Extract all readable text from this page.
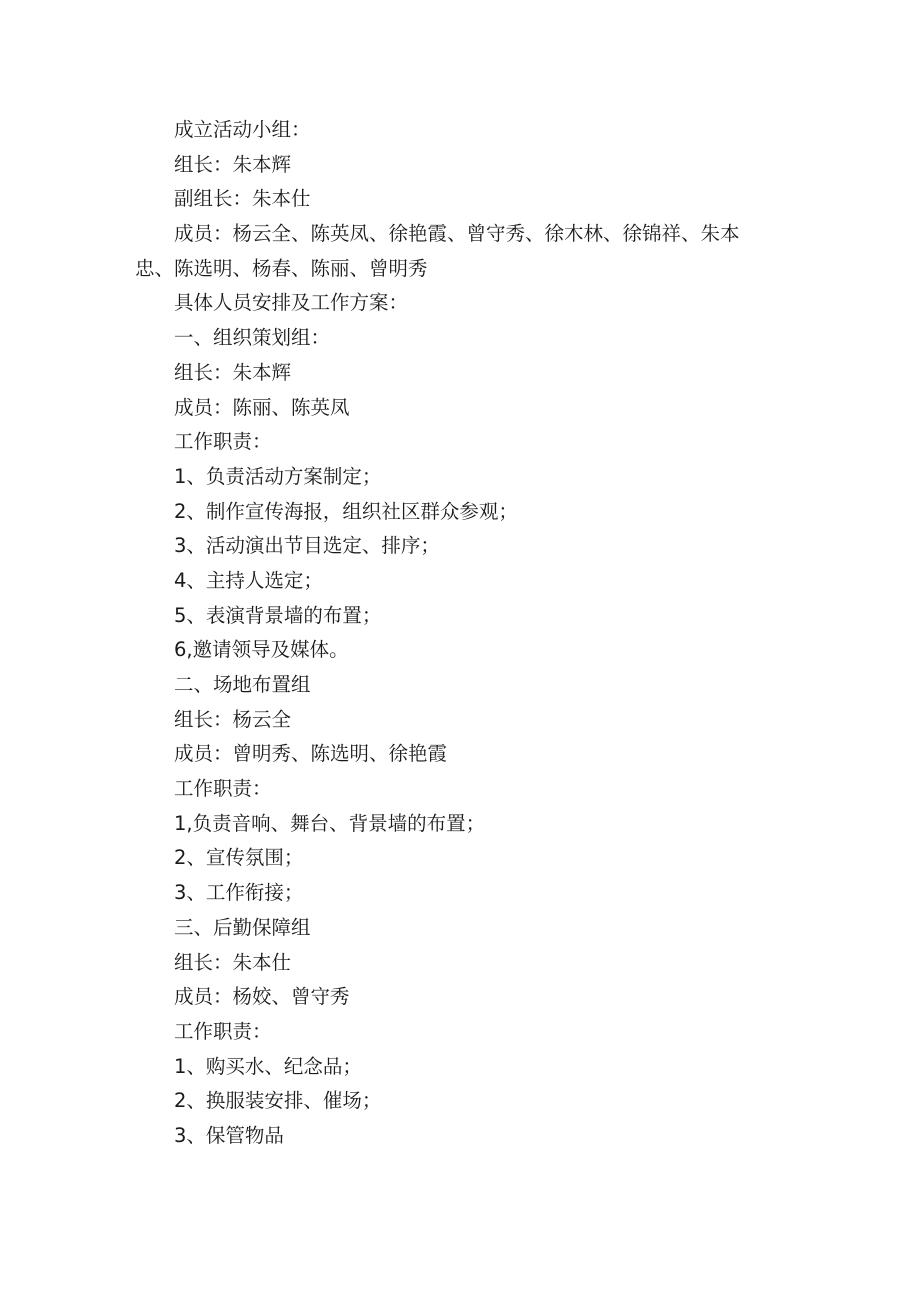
成立活动小组：
组长：朱本辉
副组长：朱本仕
成员：杨云全、陈英凤、徐艳霞、曾守秀、徐木林、徐锦祥、朱本忠、陈选明、杨春、陈丽、曾明秀
具体人员安排及工作方案：
一、组织策划组：
组长：朱本辉
成员：陈丽、陈英凤
工作职责：
1、负责活动方案制定；
2、制作宣传海报，组织社区群众参观；
3、活动演出节目选定、排序；
4、主持人选定；
5、表演背景墙的布置；
6,邀请领导及媒体。
二、场地布置组
组长：杨云全
成员：曾明秀、陈选明、徐艳霞
工作职责：
1,负责音响、舞台、背景墙的布置；
2、宣传氛围；
3、工作衔接；
三、后勤保障组
组长：朱本仕
成员：杨姣、曾守秀
工作职责：
1、购买水、纪念品；
2、换服装安排、催场；
3、保管物品
